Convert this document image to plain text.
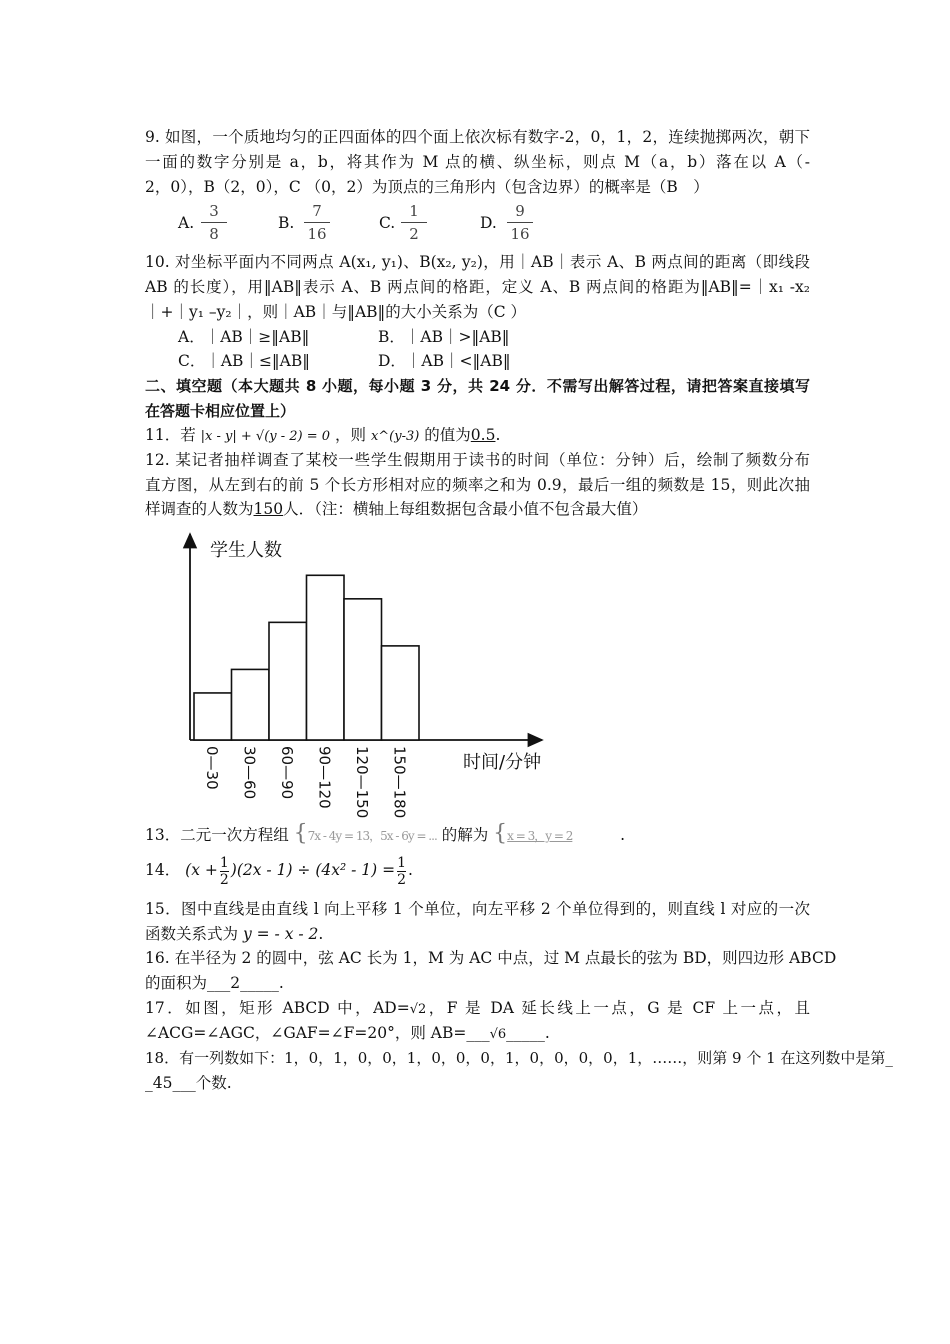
9. 如图，一个质地均匀的正四面体的四个面上依次标有数字-2，0，1，2，连续抛掷两次，朝下
一面的数字分别是 a，b，将其作为 M 点的横、纵坐标，则点 M（a，b）落在以 A（-
2，0），B（2，0），C （0，2）为顶点的三角形内（包含边界）的概率是（B　）
A.
3
8
B.
7
16
C.
1
2
D.
9
16
10. 对坐标平面内不同两点 A(x₁, y₁)、B(x₂, y₂)，用｜AB｜表示 A、B 两点间的距离（即线段
AB 的长度），用‖AB‖表示 A、B 两点间的格距，定义 A、B 两点间的格距为‖AB‖=｜x₁ -x₂
｜+｜y₁ –y₂｜，则｜AB｜与‖AB‖的大小关系为（C ）
A．｜AB｜≥‖AB‖	B．｜AB｜>‖AB‖
C．｜AB｜≤‖AB‖	D．｜AB｜<‖AB‖
二、填空题（本大题共 8 小题，每小题 3 分，共 24 分．不需写出解答过程，请把答案直接填写
在答题卡相应位置上）
11．若 |x - y| + √(y - 2) = 0 ，则 x^(y-3) 的值为0.5.
12. 某记者抽样调查了某校一些学生假期用于读书的时间（单位：分钟）后，绘制了频数分布
直方图，从左到右的前 5 个长方形相对应的频率之和为 0.9，最后一组的频数是 15，则此次抽
样调查的人数为150人．（注：横轴上每组数据包含最小值不包含最大值）
学生人数
时间/分钟
0—30 30—60 60—90 90—120 120—150 150—180
13．二元一次方程组 {7x - 4y = 13，5x - 6y = ... 的解为 {x = 3，y = 2	.
14． $(x + \frac{1}{2} )(2x - 1) \div (4x^2 - 1) = \frac{1}{2}$ .
15．图中直线是由直线 l 向上平移 1 个单位，向左平移 2 个单位得到的，则直线 l 对应的一次
函数关系式为 y = - x - 2.
16. 在半径为 2 的圆中，弦 AC 长为 1，M 为 AC 中点，过 M 点最长的弦为 BD，则四边形 ABCD
的面积为___2_____.
17．如图，矩形 ABCD 中，AD=√2，F 是 DA 延长线上一点，G 是 CF 上一点，且
∠ACG=∠AGC，∠GAF=∠F=20°，则 AB=___√6_____.
18．有一列数如下：1，0，1，0，0，1，0，0，0，1，0，0，0，0，1，……，则第 9 个 1 在这列数中是第_
_45___个数.
